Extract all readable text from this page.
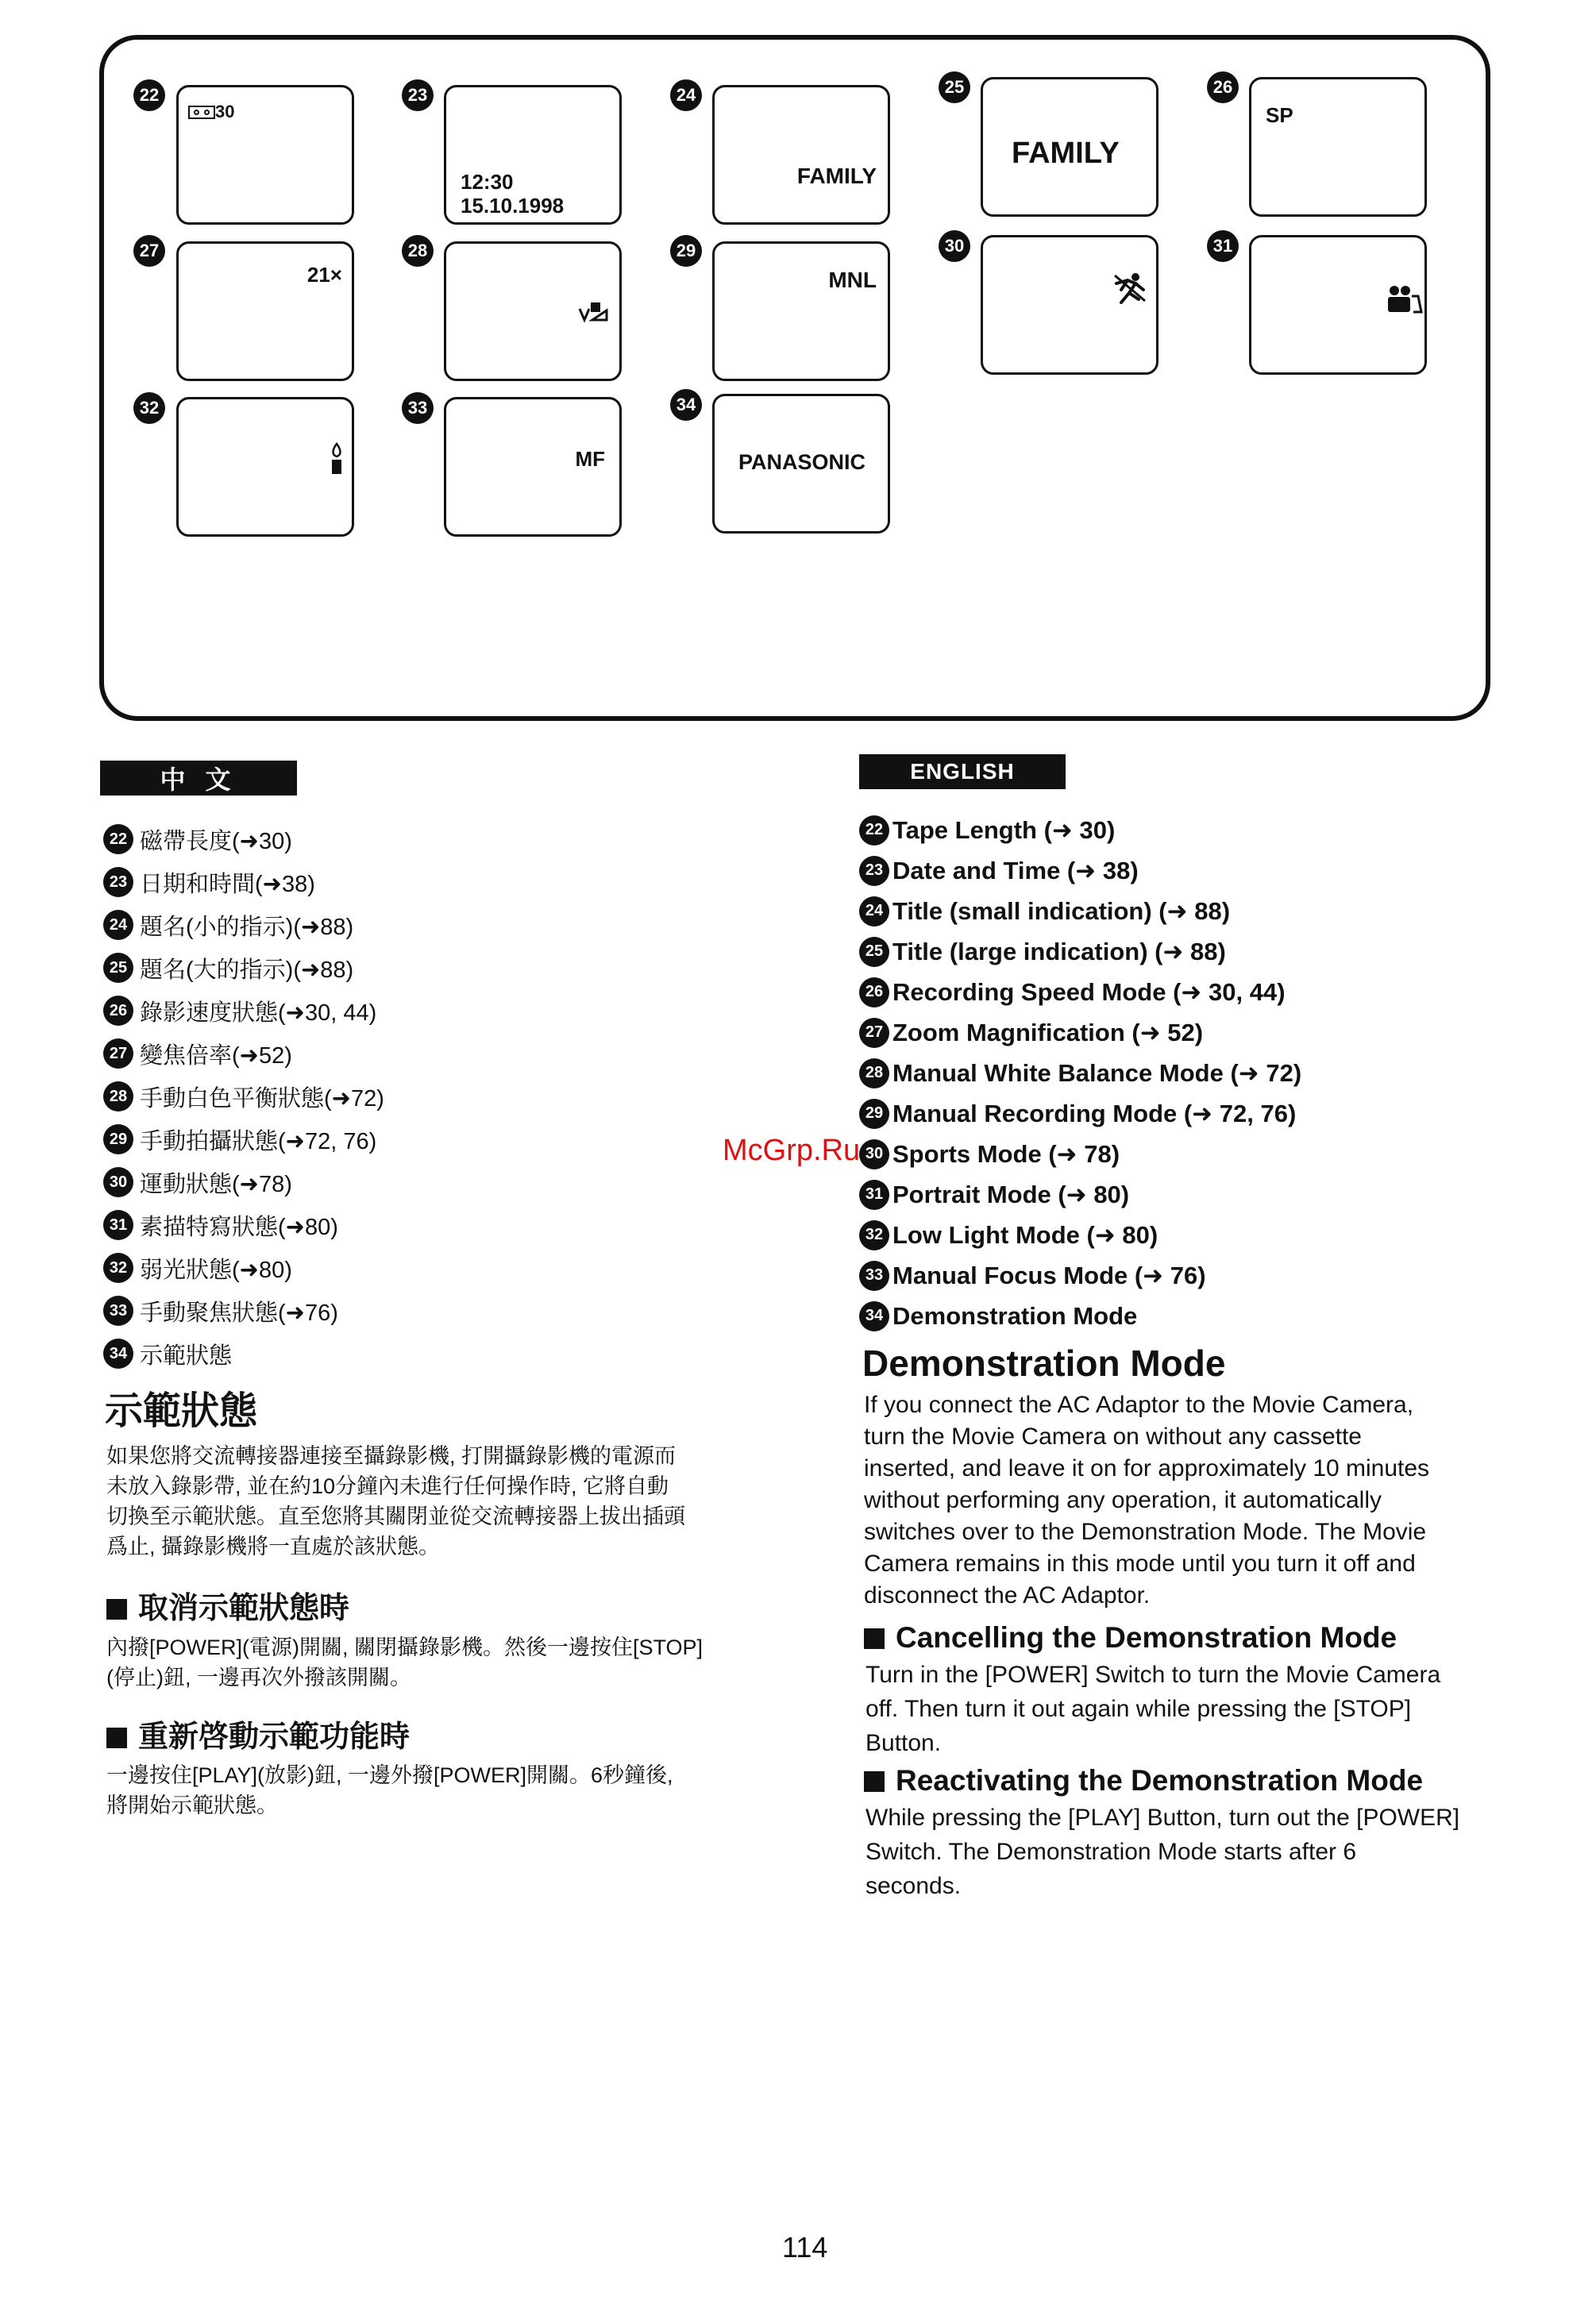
22
30
23
12:30
15.10.1998
24
FAMILY
25
FAMILY
26
SP
27
21×
28	29
MNL
30	31
32	33
MF
34
PANASONIC
中 文
22 磁帶長度(➜30)
23 日期和時間(➜38)
24 題名(小的指示)(➜88)
25 題名(大的指示)(➜88)
26 錄影速度狀態(➜30, 44)
27 變焦倍率(➜52)
28 手動白色平衡狀態(➜72)
29 手動拍攝狀態(➜72, 76)
30 運動狀態(➜78)
31 素描特寫狀態(➜80)
32 弱光狀態(➜80)
33 手動聚焦狀態(➜76)
34 示範狀態
示範狀態
如果您將交流轉接器連接至攝錄影機, 打開攝錄影機的電源而
未放入錄影帶, 並在約10分鐘內未進行任何操作時, 它將自動
切換至示範狀態。直至您將其關閉並從交流轉接器上拔出插頭
爲止, 攝錄影機將一直處於該狀態。
取消示範狀態時
內撥[POWER](電源)開關, 關閉攝錄影機。然後一邊按住[STOP]
(停止)鈕, 一邊再次外撥該開關。
重新啓動示範功能時
一邊按住[PLAY](放影)鈕, 一邊外撥[POWER]開關。6秒鐘後,
將開始示範狀態。
ENGLISH
22 Tape Length (➜ 30)
23 Date and Time (➜ 38)
24 Title (small indication) (➜ 88)
25 Title (large indication) (➜ 88)
26 Recording Speed Mode (➜ 30, 44)
27 Zoom Magnification (➜ 52)
28 Manual White Balance Mode (➜ 72)
29 Manual Recording Mode (➜ 72, 76)
30 Sports Mode (➜ 78)
31 Portrait Mode (➜ 80)
32 Low Light Mode (➜ 80)
33 Manual Focus Mode (➜ 76)
34 Demonstration Mode
Demonstration Mode
If you connect the AC Adaptor to the Movie Camera,
turn the Movie Camera on without any cassette
inserted, and leave it on for approximately 10 minutes
without performing any operation, it automatically
switches over to the Demonstration Mode. The Movie
Camera remains in this mode until you turn it off and
disconnect the AC Adaptor.
Cancelling the Demonstration Mode
Turn in the [POWER] Switch to turn the Movie Camera
off. Then turn it out again while pressing the [STOP]
Button.
Reactivating the Demonstration Mode
While pressing the [PLAY] Button, turn out the [POWER]
Switch. The Demonstration Mode starts after 6
seconds.
McGrp.Ru
114
